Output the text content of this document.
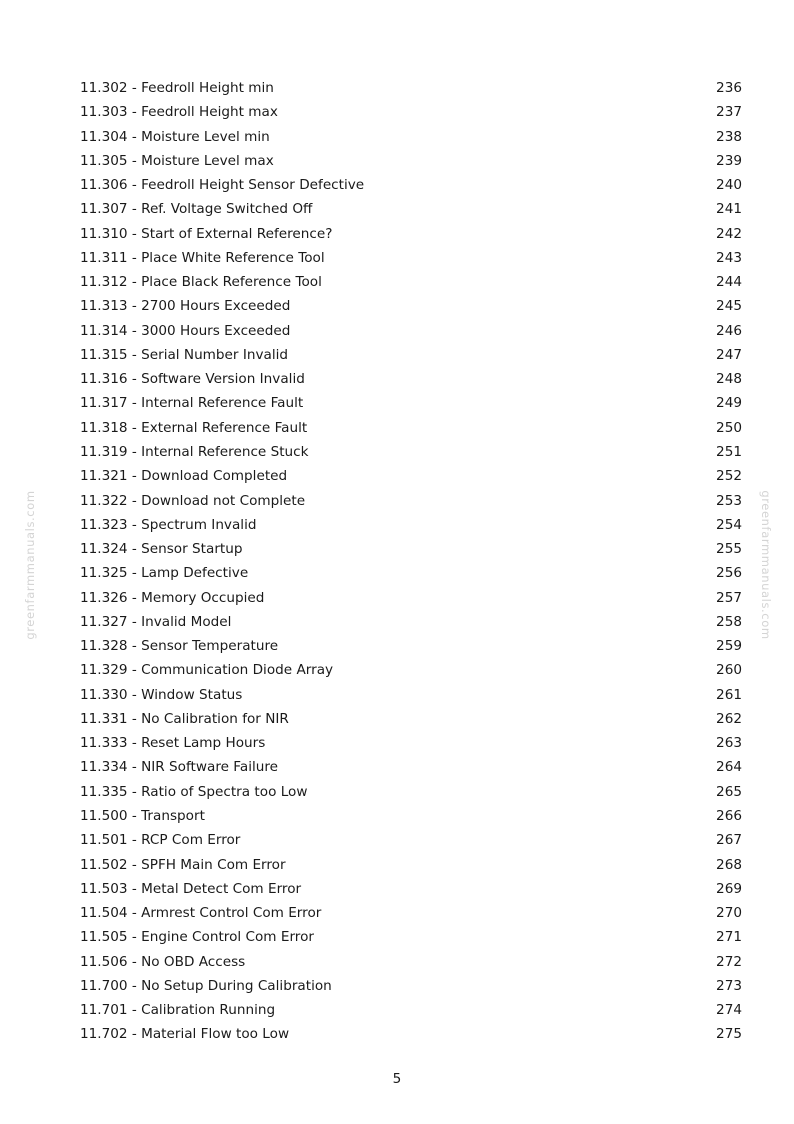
11.302 - Feedroll Height min	236
11.303 - Feedroll Height max	237
11.304 - Moisture Level min	238
11.305 - Moisture Level max	239
11.306 - Feedroll Height Sensor Defective	240
11.307 - Ref. Voltage Switched Off	241
11.310 - Start of External Reference?	242
11.311 - Place White Reference Tool	243
11.312 - Place Black Reference Tool	244
11.313 - 2700 Hours Exceeded	245
11.314 - 3000 Hours Exceeded	246
11.315 - Serial Number Invalid	247
11.316 - Software Version Invalid	248
11.317 - Internal Reference Fault	249
11.318 - External Reference Fault	250
11.319 - Internal Reference Stuck	251
11.321 - Download Completed	252
11.322 - Download not Complete	253
11.323 - Spectrum Invalid	254
11.324 - Sensor Startup	255
11.325 - Lamp Defective	256
11.326 - Memory Occupied	257
11.327 - Invalid Model	258
11.328 - Sensor Temperature	259
11.329 - Communication Diode Array	260
11.330 - Window Status	261
11.331 - No Calibration for NIR	262
11.333 - Reset Lamp Hours	263
11.334 - NIR Software Failure	264
11.335 - Ratio of Spectra too Low	265
11.500 - Transport	266
11.501 - RCP Com Error	267
11.502 - SPFH Main Com Error	268
11.503 - Metal Detect Com Error	269
11.504 - Armrest Control Com Error	270
11.505 - Engine Control Com Error	271
11.506 - No OBD Access	272
11.700 - No Setup During Calibration	273
11.701 - Calibration Running	274
11.702 - Material Flow too Low	275
5
greenfarmmanuals.com	greenfarmmanuals.com
